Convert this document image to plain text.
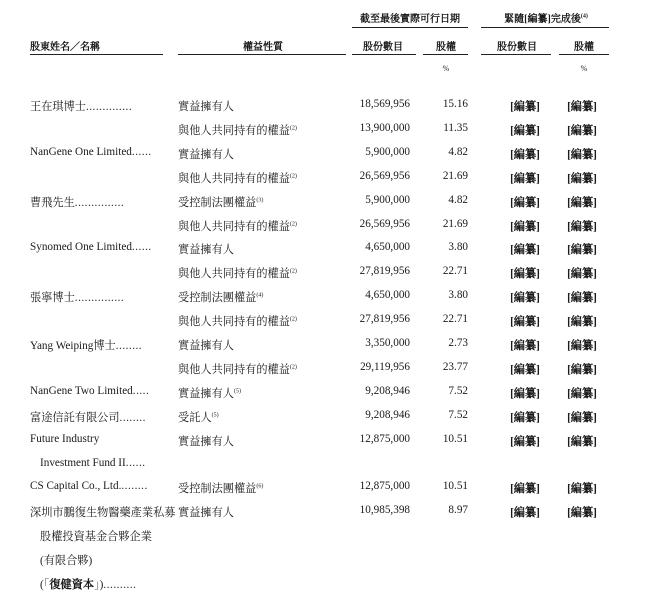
截至最後實際可行日期	緊隨[編纂]完成後$^{(4)}$
股東姓名／名稱	權益性質	股份數目	股權	股份數目	股權
%	%
王在琪博士..............	實益擁有人	18,569,956	15.16	[編纂]	[編纂]
與他人共同持有的權益$^{(2)}$	13,900,000	11.35	[編纂]	[編纂]
NanGene One Limited...... 實益擁有人	5,900,000	4.82	[編纂]	[編纂]
與他人共同持有的權益$^{(2)}$	26,569,956	21.69	[編纂]	[編纂]
曹飛先生...............	受控制法團權益$^{(3)}$	5,900,000	4.82	[編纂]	[編纂]
與他人共同持有的權益$^{(2)}$	26,569,956	21.69	[編纂]	[編纂]
Synomed One Limited...... 實益擁有人	4,650,000	3.80	[編纂]	[編纂]
與他人共同持有的權益$^{(2)}$	27,819,956	22.71	[編纂]	[編纂]
張寧博士...............	受控制法團權益$^{(4)}$	4,650,000	3.80	[編纂]	[編纂]
與他人共同持有的權益$^{(2)}$	27,819,956	22.71	[編纂]	[編纂]
Yang Weiping博士........	實益擁有人	3,350,000	2.73	[編纂]	[編纂]
與他人共同持有的權益$^{(2)}$	29,119,956	23.77	[編纂]	[編纂]
NanGene Two Limited.....	實益擁有人$^{(5)}$	9,208,946	7.52	[編纂]	[編纂]
富途信託有限公司........	受託人$^{(5)}$	9,208,946	7.52	[編纂]	[編纂]
Future Industry	實益擁有人	12,875,000	10.51	[編纂]	[編纂]
Investment Fund II......
CS Capital Co., Ltd.........	受控制法團權益$^{(6)}$	12,875,000	10.51	[編纂]	[編纂]
深圳市鵬復生物醫藥產業私募 實益擁有人	10,985,398	8.97	[編纂]	[編纂]
股權投資基金合夥企業
(有限合夥)
(「復健資本」)..........
